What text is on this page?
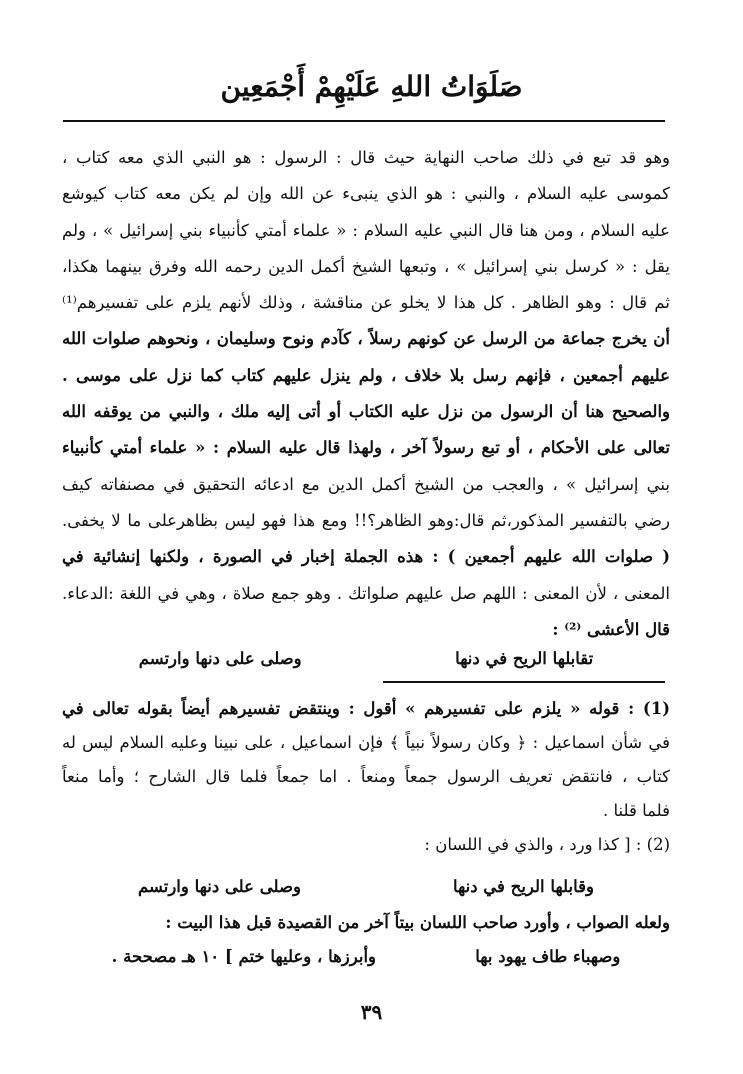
صَلَوَاتُ اللهِ عَلَيْهِمْ أَجْمَعِين
وهو قد تبع في ذلك صاحب النهاية حيث قال : الرسول : هو النبي الذي معه كتاب ،
كموسى عليه السلام ، والنبي : هو الذي ينبىء عن الله وإن لم يكن معه كتاب كيوشع
عليه السلام ، ومن هنا قال النبي عليه السلام : « علماء أمتي كأنبياء بني إسرائيل » ، ولم
يقل : « كرسل بني إسرائيل » ، وتبعها الشيخ أكمل الدين رحمه الله وفرق بينهما هكذا،
ثم قال : وهو الظاهر . كل هذا لا يخلو عن مناقشة ، وذلك لأنهم يلزم على تفسيرهم⁽¹⁾
أن يخرج جماعة من الرسل عن كونهم رسلاً ، كآدم ونوح وسليمان ، ونحوهم صلوات الله
عليهم أجمعين ، فإنهم رسل بلا خلاف ، ولم ينزل عليهم كتاب كما نزل على موسى .
والصحيح هنا أن الرسول من نزل عليه الكتاب أو أتى إليه ملك ، والنبي من يوقفه الله
تعالى على الأحكام ، أو تبع رسولاً آخر ، ولهذا قال عليه السلام : « علماء أمتي كأنبياء
بني إسرائيل » ، والعجب من الشيخ أكمل الدين مع ادعائه التحقيق في مصنفاته كيف
رضي بالتفسير المذكور،ثم قال:وهو الظاهر؟!! ومع هذا فهو ليس بظاهرعلى ما لا يخفى.
( صلوات الله عليهم أجمعين ) : هذه الجملة إخبار في الصورة ، ولكنها إنشائية في
المعنى ، لأن المعنى : اللهم صل عليهم صلواتك . وهو جمع صلاة ، وهي في اللغة :الدعاء.
قال الأعشى ⁽²⁾ :
تقابلها الريح في دنها
وصلى على دنها وارتسم
(1) : قوله « يلزم على تفسيرهم » أقول : وينتقض تفسيرهم أيضاً بقوله تعالى في
في شأن اسماعيل : ﴿ وكان رسولاً نبياً ﴾ فإن اسماعيل ، على نبينا وعليه السلام ليس له
كتاب ، فانتقض تعريف الرسول جمعاً ومنعاً . اما جمعاً فلما قال الشارح ؛ وأما منعاً
فلما قلنا .
(2) : [ كذا ورد ، والذي في اللسان :
وقابلها الريح في دنها
وصلى على دنها وارتسم
ولعله الصواب ، وأورد صاحب اللسان بيتاً آخر من القصيدة قبل هذا البيت :
وصهباء طاف يهود بها
وأبرزها ، وعليها ختم ] ١٠ هـ مصححة .
٣٩
